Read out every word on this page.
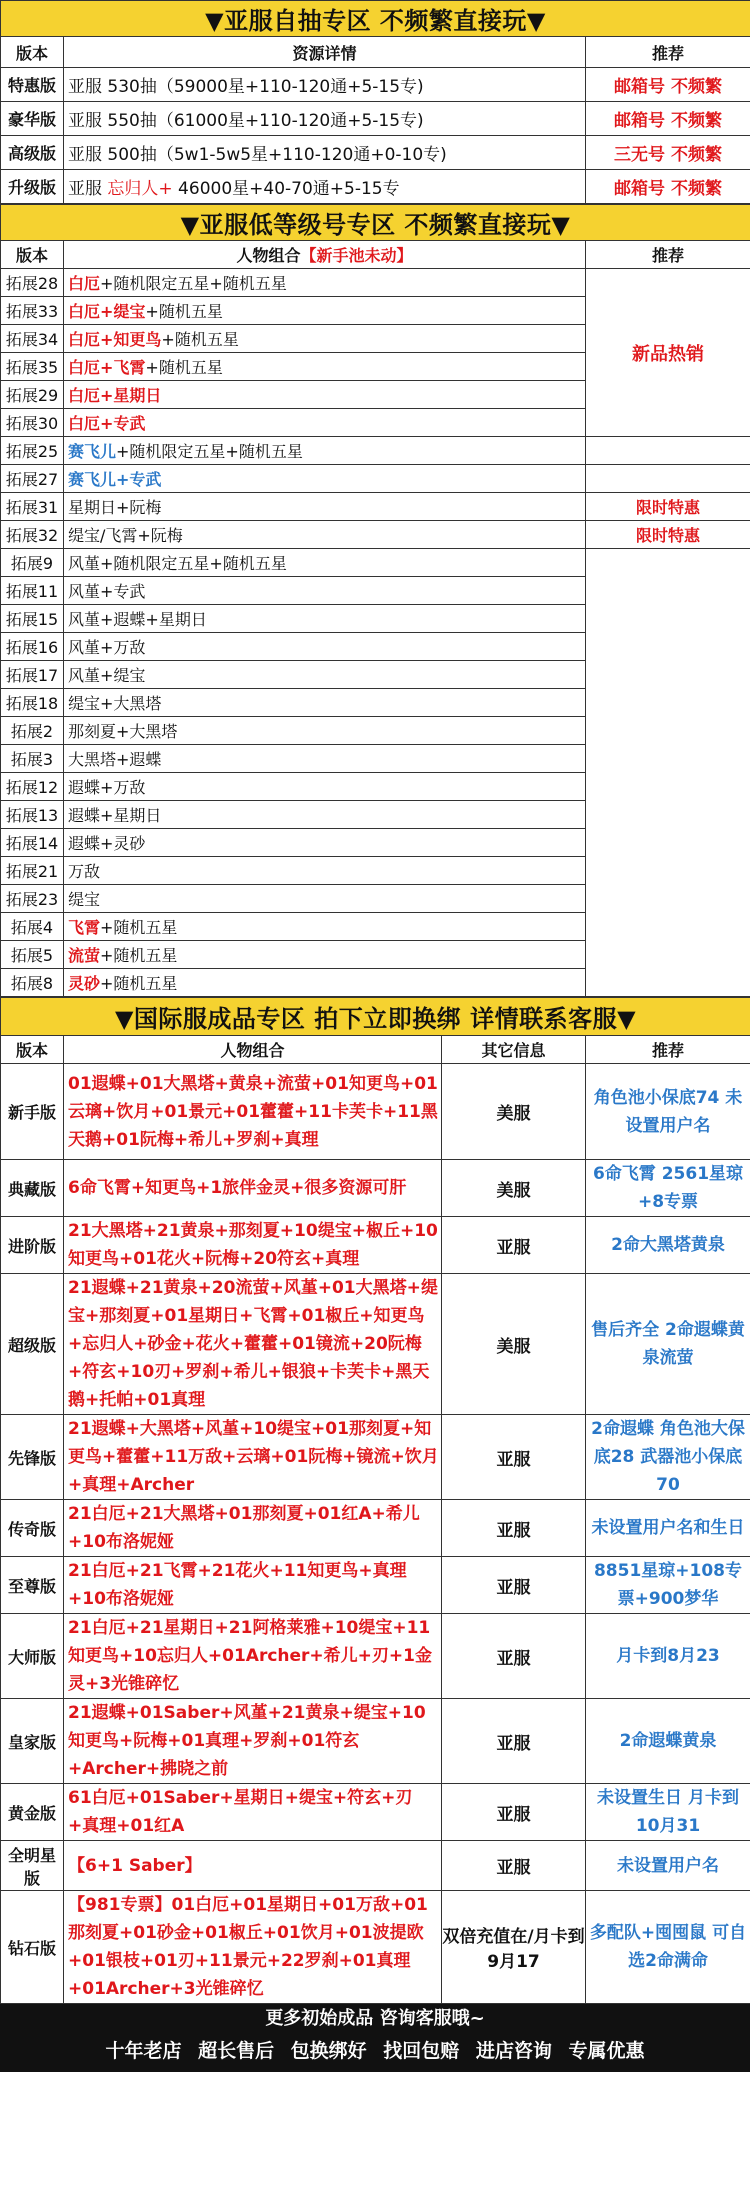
▼亚服自抽专区 不频繁直接玩▼		
版本	资源详情	推荐
特惠版	亚服 530抽（59000星+110-120通+5-15专)	邮箱号 不频繁
豪华版	亚服 550抽（61000星+110-120通+5-15专)	邮箱号 不频繁
高级版	亚服 500抽（5w1-5w5星+110-120通+0-10专)	三无号 不频繁
升级版	亚服 忘归人+ 46000星+40-70通+5-15专	邮箱号 不频繁
▼亚服低等级号专区 不频繁直接玩▼		
版本	人物组合【新手池未动】	推荐
拓展28	白厄+随机限定五星+随机五星	新品热销
拓展33	白厄+缇宝+随机五星	
拓展34	白厄+知更鸟+随机五星	
拓展35	白厄+飞霄+随机五星	
拓展29	白厄+星期日	
拓展30	白厄+专武	
拓展25	赛飞儿+随机限定五星+随机五星	
拓展27	赛飞儿+专武	
拓展31	星期日+阮梅	限时特惠
拓展32	缇宝/飞霄+阮梅	限时特惠
拓展9	风堇+随机限定五星+随机五星	
拓展11	风堇+专武	
拓展15	风堇+遐蝶+星期日	
拓展16	风堇+万敌	
拓展17	风堇+缇宝	
拓展18	缇宝+大黑塔	
拓展2	那刻夏+大黑塔	
拓展3	大黑塔+遐蝶	
拓展12	遐蝶+万敌	
拓展13	遐蝶+星期日	
拓展14	遐蝶+灵砂	
拓展21	万敌	
拓展23	缇宝	
拓展4	飞霄+随机五星	
拓展5	流萤+随机五星	
拓展8	灵砂+随机五星	
▼国际服成品专区 拍下立即换绑 详情联系客服▼			
版本	人物组合	其它信息	推荐
新手版	01遐蝶+01大黑塔+黄泉+流萤+01知更鸟+01云璃+饮月+01景元+01藿藿+11卡芙卡+11黑天鹅+01阮梅+希儿+罗刹+真理	美服	角色池小保底74 未设置用户名
典藏版	6命飞霄+知更鸟+1旅伴金灵+很多资源可肝	美服	6命飞霄 2561星琼+8专票
进阶版	21大黑塔+21黄泉+那刻夏+10缇宝+椒丘+10知更鸟+01花火+阮梅+20符玄+真理	亚服	2命大黑塔黄泉
超级版	21遐蝶+21黄泉+20流萤+风堇+01大黑塔+缇宝+那刻夏+01星期日+飞霄+01椒丘+知更鸟+忘归人+砂金+花火+藿藿+01镜流+20阮梅+符玄+10刃+罗刹+希儿+银狼+卡芙卡+黑天鹅+托帕+01真理	美服	售后齐全 2命遐蝶黄泉流萤
先锋版	21遐蝶+大黑塔+风堇+10缇宝+01那刻夏+知更鸟+藿藿+11万敌+云璃+01阮梅+镜流+饮月+真理+Archer	亚服	2命遐蝶 角色池大保底28 武器池小保底70
传奇版	21白厄+21大黑塔+01那刻夏+01红A+希儿+10布洛妮娅	亚服	未设置用户名和生日
至尊版	21白厄+21飞霄+21花火+11知更鸟+真理+10布洛妮娅	亚服	8851星琼+108专票+900梦华
大师版	21白厄+21星期日+21阿格莱雅+10缇宝+11知更鸟+10忘归人+01Archer+希儿+刃+1金灵+3光锥碎忆	亚服	月卡到8月23
皇家版	21遐蝶+01Saber+风堇+21黄泉+缇宝+10知更鸟+阮梅+01真理+罗刹+01符玄+Archer+拂晓之前	亚服	2命遐蝶黄泉
黄金版	61白厄+01Saber+星期日+缇宝+符玄+刃+真理+01红A	亚服	未设置生日 月卡到10月31
全明星版	【6+1 Saber】	亚服	未设置用户名
钻石版	【981专票】01白厄+01星期日+01万敌+01那刻夏+01砂金+01椒丘+01饮月+01波提欧+01银枝+01刃+11景元+22罗刹+01真理+01Archer+3光锥碎忆	双倍充值在/月卡到9月17	多配队+囤囤鼠 可自选2命满命
更多初始成品 咨询客服哦~
十年老店 超长售后 包换绑好 找回包赔 进店咨询 专属优惠
